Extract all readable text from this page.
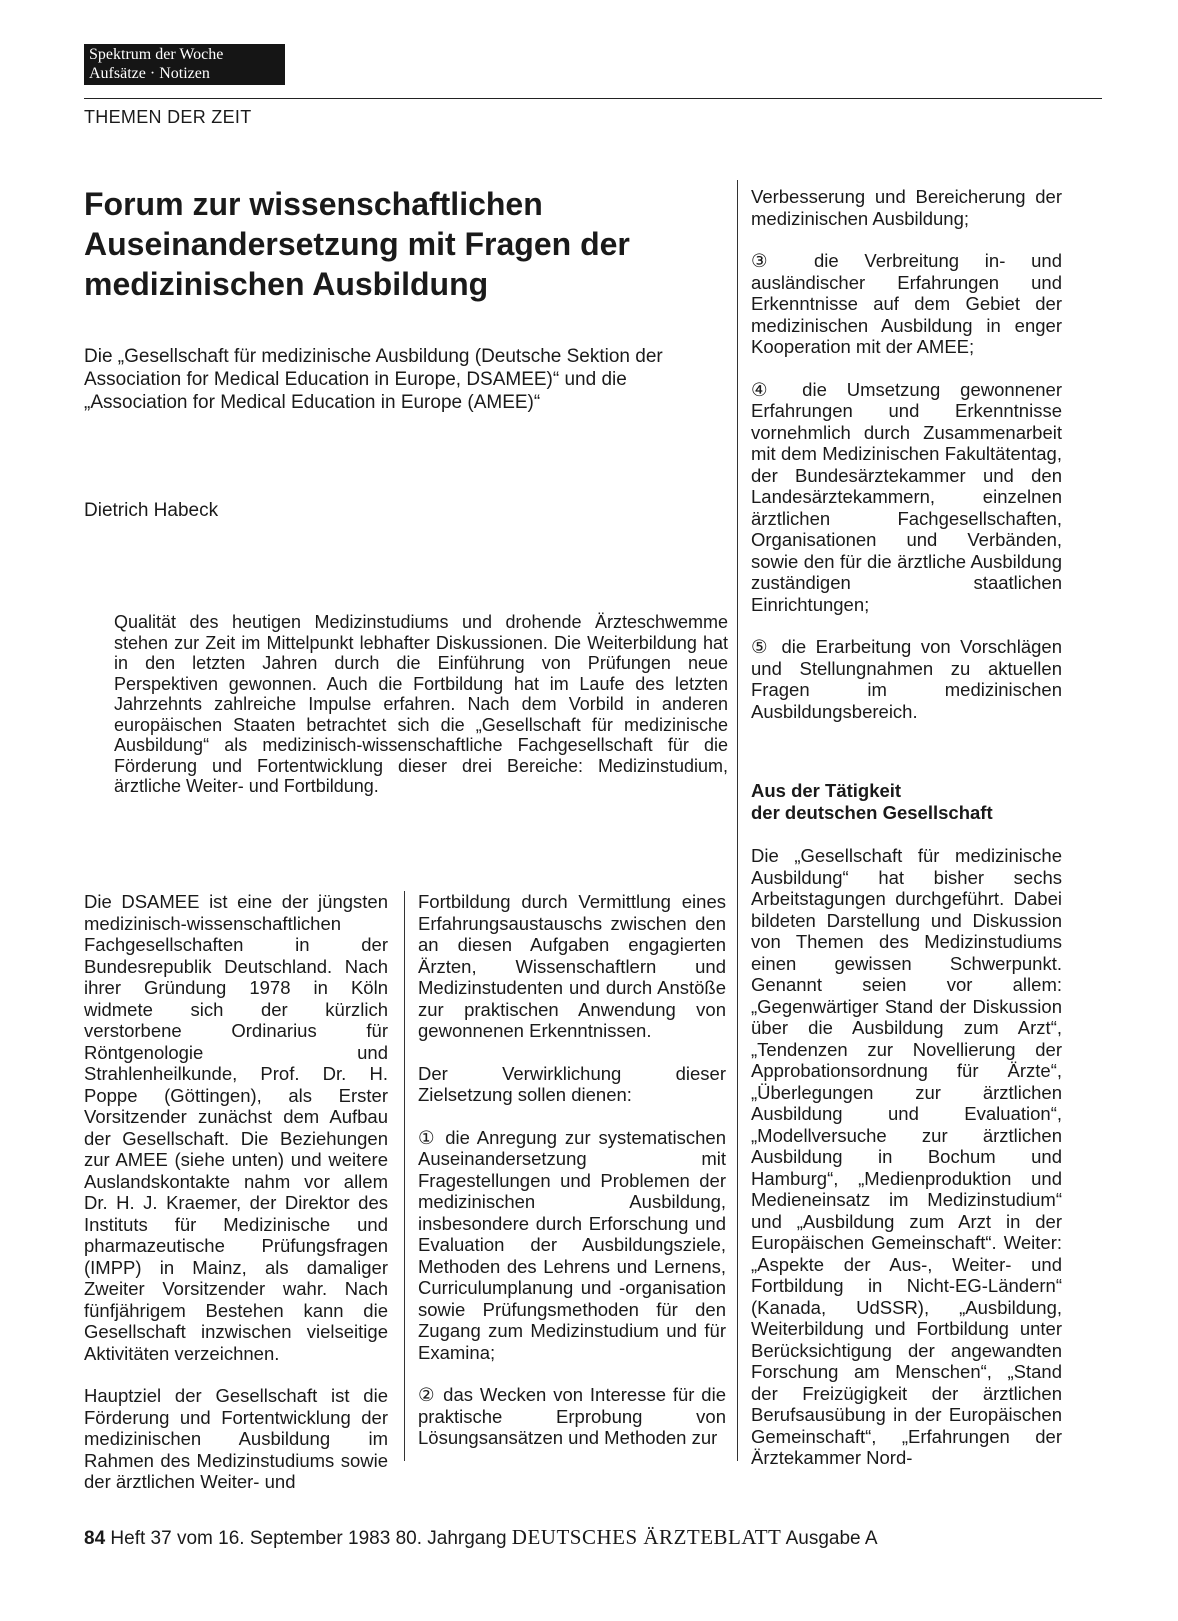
Spektrum der Woche
Aufsätze · Notizen
THEMEN DER ZEIT
Forum zur wissenschaftlichen Auseinandersetzung mit Fragen der medizinischen Ausbildung
Die „Gesellschaft für medizinische Ausbildung (Deutsche Sektion der Association for Medical Education in Europe, DSAMEE)“ und die „Association for Medical Education in Europe (AMEE)“
Dietrich Habeck
Qualität des heutigen Medizinstudiums und drohende Ärzteschwemme stehen zur Zeit im Mittelpunkt lebhafter Diskussionen. Die Weiterbildung hat in den letzten Jahren durch die Einführung von Prüfungen neue Perspektiven gewonnen. Auch die Fortbildung hat im Laufe des letzten Jahrzehnts zahlreiche Impulse erfahren. Nach dem Vorbild in anderen europäischen Staaten betrachtet sich die „Gesellschaft für medizinische Ausbildung“ als medizinisch-wissenschaftliche Fachgesellschaft für die Förderung und Fortentwicklung dieser drei Bereiche: Medizinstudium, ärztliche Weiter- und Fortbildung.

Die DSAMEE ist eine der jüngsten medizinisch-wissenschaftlichen Fachgesellschaften in der Bundesrepublik Deutschland. Nach ihrer Gründung 1978 in Köln widmete sich der kürzlich verstorbene Ordinarius für Röntgenologie und Strahlenheilkunde, Prof. Dr. H. Poppe (Göttingen), als Erster Vorsitzender zunächst dem Aufbau der Gesellschaft. Die Beziehungen zur AMEE (siehe unten) und weitere Auslandskontakte nahm vor allem Dr. H. J. Kraemer, der Direktor des Instituts für Medizinische und pharmazeutische Prüfungsfragen (IMPP) in Mainz, als damaliger Zweiter Vorsitzender wahr. Nach fünfjährigem Bestehen kann die Gesellschaft inzwischen vielseitige Aktivitäten verzeichnen.

Hauptziel der Gesellschaft ist die Förderung und Fortentwicklung der medizinischen Ausbildung im Rahmen des Medizinstudiums sowie der ärztlichen Weiter- und

Fortbildung durch Vermittlung eines Erfahrungsaustauschs zwischen den an diesen Aufgaben engagierten Ärzten, Wissenschaftlern und Medizinstudenten und durch Anstöße zur praktischen Anwendung von gewonnenen Erkenntnissen.

Der Verwirklichung dieser Zielsetzung sollen dienen:

① die Anregung zur systematischen Auseinandersetzung mit Fragestellungen und Problemen der medizinischen Ausbildung, insbesondere durch Erforschung und Evaluation der Ausbildungsziele, Methoden des Lehrens und Lernens, Curriculumplanung und -organisation sowie Prüfungsmethoden für den Zugang zum Medizinstudium und für Examina;

② das Wecken von Interesse für die praktische Erprobung von Lösungsansätzen und Methoden zur

Verbesserung und Bereicherung der medizinischen Ausbildung;

③ die Verbreitung in- und ausländischer Erfahrungen und Erkenntnisse auf dem Gebiet der medizinischen Ausbildung in enger Kooperation mit der AMEE;

④ die Umsetzung gewonnener Erfahrungen und Erkenntnisse vornehmlich durch Zusammenarbeit mit dem Medizinischen Fakultätentag, der Bundesärztekammer und den Landesärztekammern, einzelnen ärztlichen Fachgesellschaften, Organisationen und Verbänden, sowie den für die ärztliche Ausbildung zuständigen staatlichen Einrichtungen;

⑤ die Erarbeitung von Vorschlägen und Stellungnahmen zu aktuellen Fragen im medizinischen Ausbildungsbereich.

Aus der Tätigkeit
der deutschen Gesellschaft

Die „Gesellschaft für medizinische Ausbildung“ hat bisher sechs Arbeitstagungen durchgeführt. Dabei bildeten Darstellung und Diskussion von Themen des Medizinstudiums einen gewissen Schwerpunkt. Genannt seien vor allem: „Gegenwärtiger Stand der Diskussion über die Ausbildung zum Arzt“, „Tendenzen zur Novellierung der Approbationsordnung für Ärzte“, „Überlegungen zur ärztlichen Ausbildung und Evaluation“, „Modellversuche zur ärztlichen Ausbildung in Bochum und Hamburg“, „Medienproduktion und Medieneinsatz im Medizinstudium“ und „Ausbildung zum Arzt in der Europäischen Gemeinschaft“. Weiter: „Aspekte der Aus-, Weiter- und Fortbildung in Nicht-EG-Ländern“ (Kanada, UdSSR), „Ausbildung, Weiterbildung und Fortbildung unter Berücksichtigung der angewandten Forschung am Menschen“, „Stand der Freizügigkeit der ärztlichen Berufsausübung in der Europäischen Gemeinschaft“, „Erfahrungen der Ärztekammer Nord-

84 Heft 37 vom 16. September 1983 80. Jahrgang DEUTSCHES ÄRZTEBLATT Ausgabe A
